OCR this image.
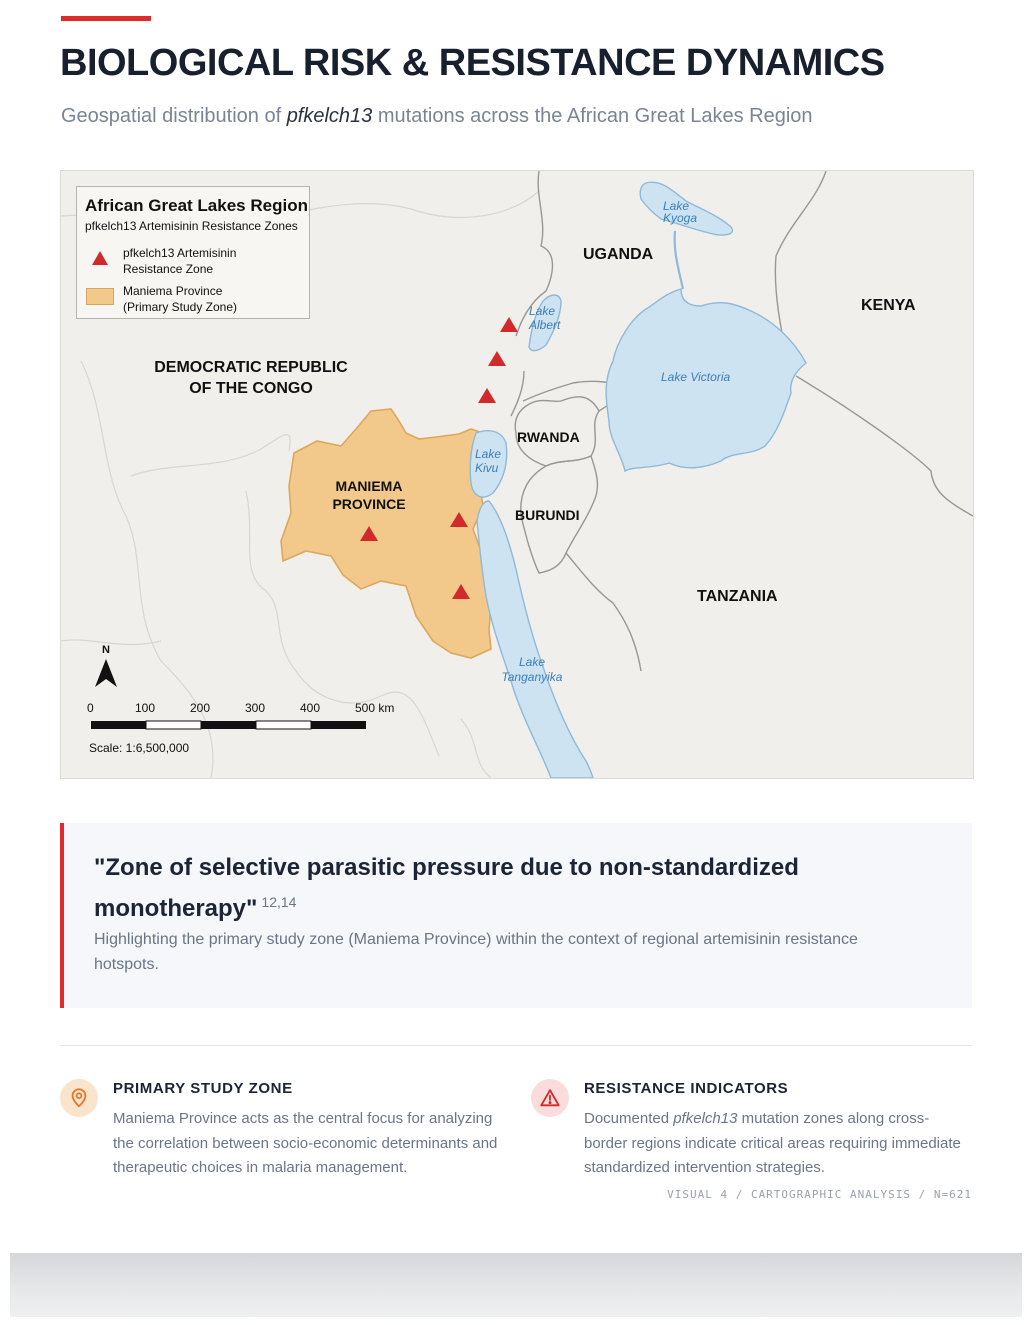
BIOLOGICAL RISK & RESISTANCE DYNAMICS
Geospatial distribution of pfkelch13 mutations across the African Great Lakes Region
African Great Lakes Region
pfkelch13 Artemisinin Resistance Zones
pfkelch13 Artemisinin
Resistance Zone
Maniema Province
(Primary Study Zone)
DEMOCRATIC REPUBLIC
OF THE CONGO
UGANDA
KENYA
RWANDA
BURUNDI
TANZANIA
MANIEMA
PROVINCE
Lake
Kyoga
Lake
Albert
Lake Victoria
Lake
Kivu
Lake
Tanganyika
N
0	100	200	300	400	500 km
Scale: 1:6,500,000
"Zone of selective parasitic pressure due to non-standardized monotherapy" $^{12,14}$
Highlighting the primary study zone (Maniema Province) within the context of regional artemisinin resistance hotspots.
PRIMARY STUDY ZONE
Maniema Province acts as the central focus for analyzing the correlation between socio-economic determinants and therapeutic choices in malaria management.
RESISTANCE INDICATORS
Documented pfkelch13 mutation zones along cross-border regions indicate critical areas requiring immediate standardized intervention strategies.
VISUAL 4 / CARTOGRAPHIC ANALYSIS / N=621
